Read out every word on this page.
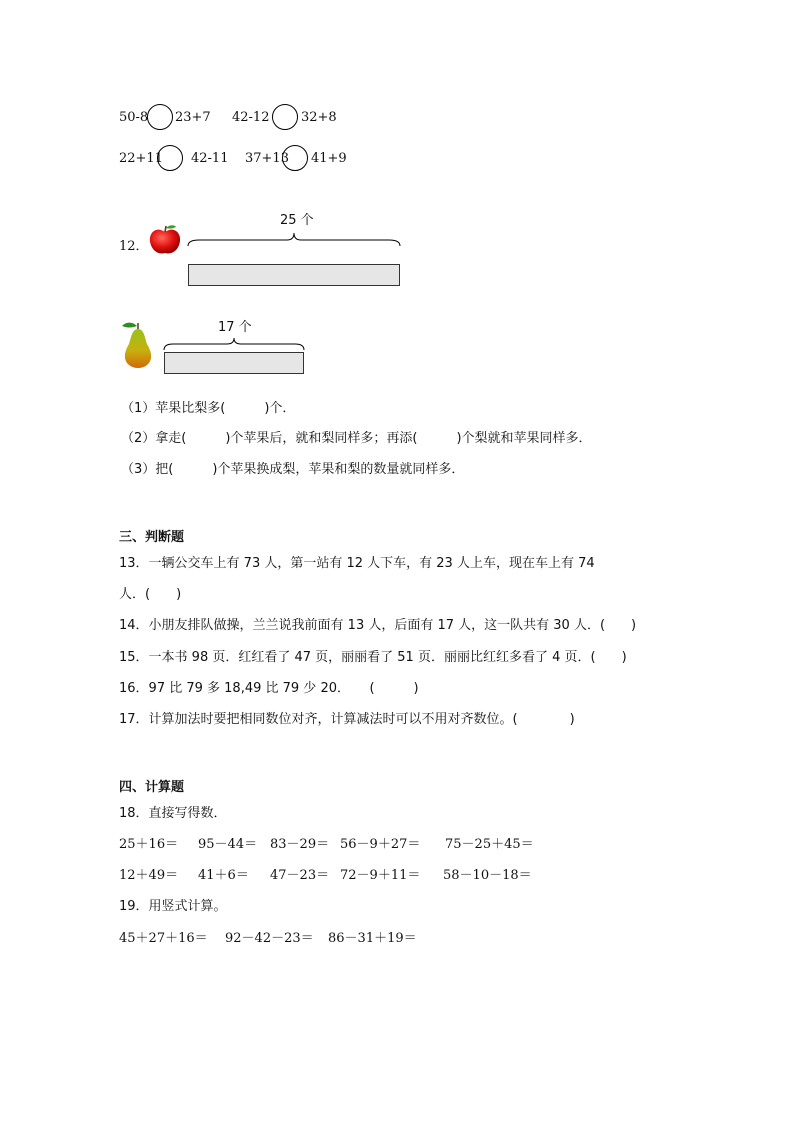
50-8 23+7 42-12 32+8
22+11 42-11 37+13 41+9
12．
25 个
17 个
（1）苹果比梨多(　　　)个．
（2）拿走(　　　)个苹果后，就和梨同样多；再添(　　　)个梨就和苹果同样多．
（3）把(　　　)个苹果换成梨，苹果和梨的数量就同样多．
三、判断题
13．一辆公交车上有 73 人，第一站有 12 人下车，有 23 人上车，现在车上有 74
人．(　　)
14．小朋友排队做操，兰兰说我前面有 13 人，后面有 17 人，这一队共有 30 人．(　　)
15．一本书 98 页．红红看了 47 页，丽丽看了 51 页．丽丽比红红多看了 4 页．(　　)
16．97 比 79 多 18,49 比 79 少 20．　　(　　　)
17．计算加法时要把相同数位对齐，计算减法时可以不用对齐数位。(　　　　)
四、计算题
18．直接写得数．
25＋16＝ 95－44＝ 83－29＝ 56－9＋27＝ 75－25＋45＝
12＋49＝ 41＋6＝ 47－23＝ 72－9＋11＝ 58－10－18＝
19．用竖式计算。
45＋27＋16＝ 92－42－23＝ 86－31＋19＝
